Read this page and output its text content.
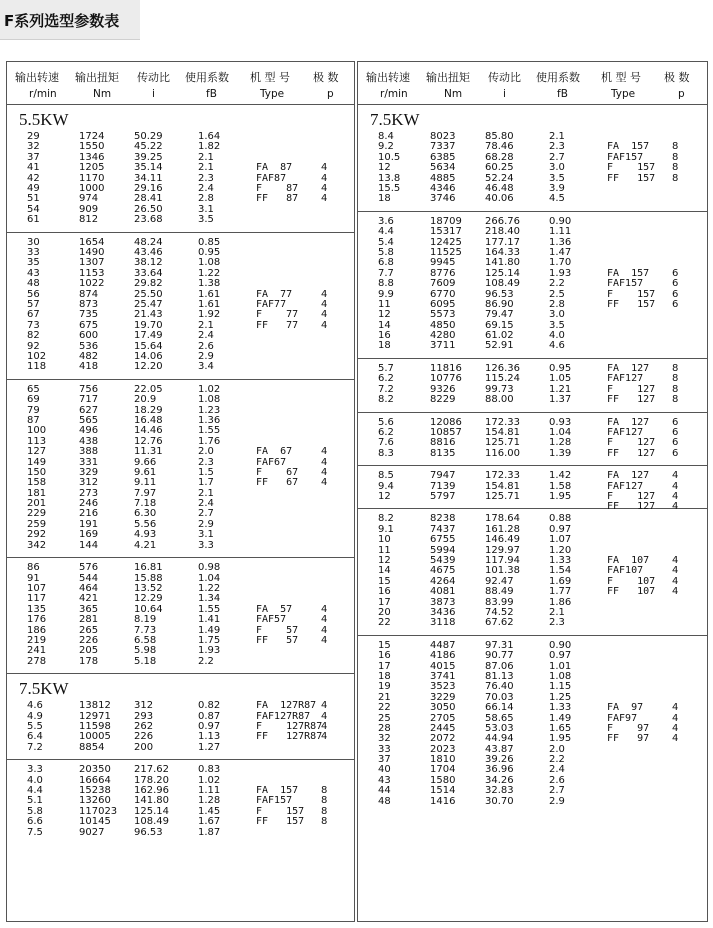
F系列选型参数表
输出转速
r/min
输出扭矩
Nm
传动比
i
使用系数
fB
机 型 号
Type
极 数
p
5.5KW
29
32
37
41
42
49
51
54
61
1724
1550
1346
1205
1170
1000
974
909
812
50.29
45.22
39.25
35.14
34.11
29.16
28.41
26.50
23.68
1.64
1.82
2.1
2.1
2.3
2.4
2.8
3.1
3.5
FA  87
FAF87
F    87
FF   87
4
4
4
4
30
33
35
43
48
56
57
67
73
82
92
102
118
1654
1490
1307
1153
1022
874
873
735
675
600
536
482
418
48.24
43.46
38.12
33.64
29.82
25.50
25.47
21.43
19.70
17.49
15.64
14.06
12.20
0.85
0.95
1.08
1.22
1.38
1.61
1.61
1.92
2.1
2.4
2.6
2.9
3.4
FA  77
FAF77
F    77
FF   77
4
4
4
4
65
69
79
87
100
113
127
149
150
158
181
201
229
259
292
342
756
717
627
565
496
438
388
331
329
312
273
246
216
191
169
144
22.05
20.9
18.29
16.48
14.46
12.76
11.31
9.66
9.61
9.11
7.97
7.18
6.30
5.56
4.93
4.21
1.02
1.08
1.23
1.36
1.55
1.76
2.0
2.3
1.5
1.7
2.1
2.4
2.7
2.9
3.1
3.3
FA  67
FAF67
F    67
FF   67
4
4
4
4
86
91
107
117
135
176
186
219
241
278
576
544
464
421
365
281
265
226
205
178
16.81
15.88
13.52
12.29
10.64
8.19
7.73
6.58
5.98
5.18
0.98
1.04
1.22
1.34
1.55
1.41
1.49
1.75
1.93
2.2
FA  57
FAF57
F    57
FF   57
4
4
4
4
7.5KW
4.6
4.9
5.5
6.4
7.2
13812
12971
11598
10005
8854
312
293
262
226
200
0.82
0.87
0.97
1.13
1.27
FA  127R87
FAF127R87
F    127R87
FF   127R87
4
4
4
4
3.3
4.0
4.4
5.1
5.8
6.6
7.5
20350
16664
15238
13260
117023
10145
9027
217.62
178.20
162.96
141.80
125.14
108.49
96.53
0.83
1.02
1.11
1.28
1.45
1.67
1.87
FA  157
FAF157
F    157
FF   157
8
8
8
8
输出转速
r/min
输出扭矩
Nm
传动比
i
使用系数
fB
机 型 号
Type
极 数
p
7.5KW
8.4
9.2
10.5
12
13.8
15.5
18
8023
7337
6385
5634
4885
4346
3746
85.80
78.46
68.28
60.25
52.24
46.48
40.06
2.1
2.3
2.7
3.0
3.5
3.9
4.5
FA  157
FAF157
F    157
FF   157
8
8
8
8
3.6
4.4
5.4
5.8
6.8
7.7
8.8
9.9
11
12
14
16
18
18709
15317
12425
11525
9945
8776
7609
6770
6095
5573
4850
4280
3711
266.76
218.40
177.17
164.33
141.80
125.14
108.49
96.53
86.90
79.47
69.15
61.02
52.91
0.90
1.11
1.36
1.47
1.70
1.93
2.2
2.5
2.8
3.0
3.5
4.0
4.6
FA  157
FAF157
F    157
FF   157
6
6
6
6
5.7
6.2
7.2
8.2
11816
10776
9326
8229
126.36
115.24
99.73
88.00
0.95
1.05
1.21
1.37
FA  127
FAF127
F    127
FF   127
8
8
8
8
5.6
6.2
7.6
8.3
12086
10857
8816
8135
172.33
154.81
125.71
116.00
0.93
1.04
1.28
1.39
FA  127
FAF127
F    127
FF   127
6
6
6
6
8.5
9.4
12
7947
7139
5797
172.33
154.81
125.71
1.42
1.58
1.95
FA  127
FAF127
F    127
FF   127
4
4
4
4
8.2
9.1
10
11
12
14
15
16
17
20
22
8238
7437
6755
5994
5439
4675
4264
4081
3873
3436
3118
178.64
161.28
146.49
129.97
117.94
101.38
92.47
88.49
83.99
74.52
67.62
0.88
0.97
1.07
1.20
1.33
1.54
1.69
1.77
1.86
2.1
2.3
FA  107
FAF107
F    107
FF   107
4
4
4
4
15
16
17
18
19
21
22
25
28
32
33
37
40
43
44
48
4487
4186
4015
3741
3523
3229
3050
2705
2445
2072
2023
1810
1704
1580
1514
1416
97.31
90.77
87.06
81.13
76.40
70.03
66.14
58.65
53.03
44.94
43.87
39.26
36.96
34.26
32.83
30.70
0.90
0.97
1.01
1.08
1.15
1.25
1.33
1.49
1.65
1.95
2.0
2.2
2.4
2.6
2.7
2.9
FA  97
FAF97
F    97
FF   97
4
4
4
4
